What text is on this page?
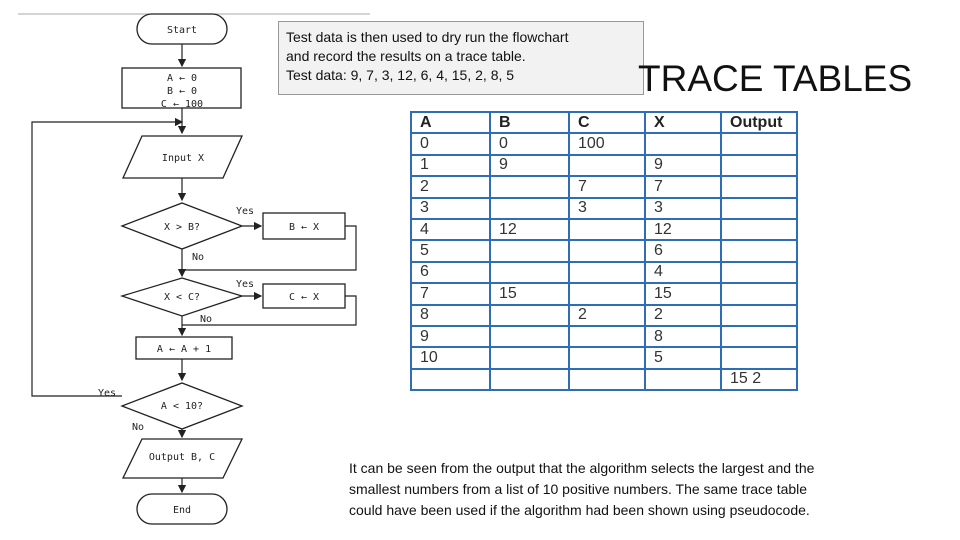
Start
A ← 0
B ← 0
C ← 100
Input X
X > B?
Yes
B ← X
No
X < C?
Yes
C ← X
No
A ← A + 1
A < 10?
Yes
No
Output B, C
End
Test data is then used to dry run the flowchart
and record the results on a trace table.
Test data: 9, 7, 3, 12, 6, 4, 15, 2, 8, 5	TRACE TABLES
A	B	C	X	Output
0	0	100		
1	9		9	
2		7	7	
3		3	3	
4	12		12	
5			6	
6			4	
7	15		15	
8		2	2	
9			8	
10			5	
				15 2
It can be seen from the output that the algorithm selects the largest and the
smallest numbers from a list of 10 positive numbers. The same trace table
could have been used if the algorithm had been shown using pseudocode.
